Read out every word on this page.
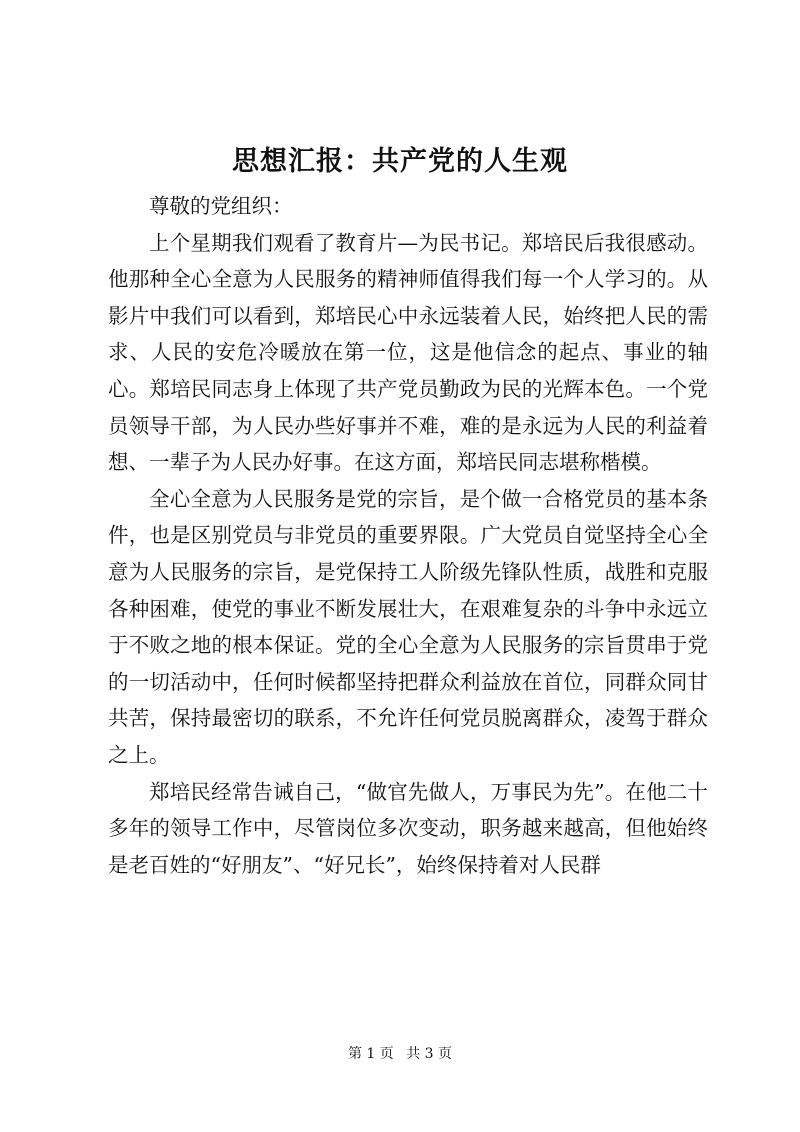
思想汇报：共产党的人生观

尊敬的党组织：

上个星期我们观看了教育片—为民书记。郑培民后我很感动。他那种全心全意为人民服务的精神师值得我们每一个人学习的。从影片中我们可以看到，郑培民心中永远装着人民，始终把人民的需求、人民的安危冷暖放在第一位，这是他信念的起点、事业的轴心。郑培民同志身上体现了共产党员勤政为民的光辉本色。一个党员领导干部，为人民办些好事并不难，难的是永远为人民的利益着想、一辈子为人民办好事。在这方面，郑培民同志堪称楷模。

全心全意为人民服务是党的宗旨，是个做一合格党员的基本条件，也是区别党员与非党员的重要界限。广大党员自觉坚持全心全意为人民服务的宗旨，是党保持工人阶级先锋队性质，战胜和克服各种困难，使党的事业不断发展壮大，在艰难复杂的斗争中永远立于不败之地的根本保证。党的全心全意为人民服务的宗旨贯串于党的一切活动中，任何时候都坚持把群众利益放在首位，同群众同甘共苦，保持最密切的联系，不允许任何党员脱离群众，凌驾于群众之上。

郑培民经常告诫自己，“做官先做人，万事民为先”。在他二十多年的领导工作中，尽管岗位多次变动，职务越来越高，但他始终是老百姓的“好朋友”、“好兄长”，始终保持着对人民群

第 1 页 共 3 页
